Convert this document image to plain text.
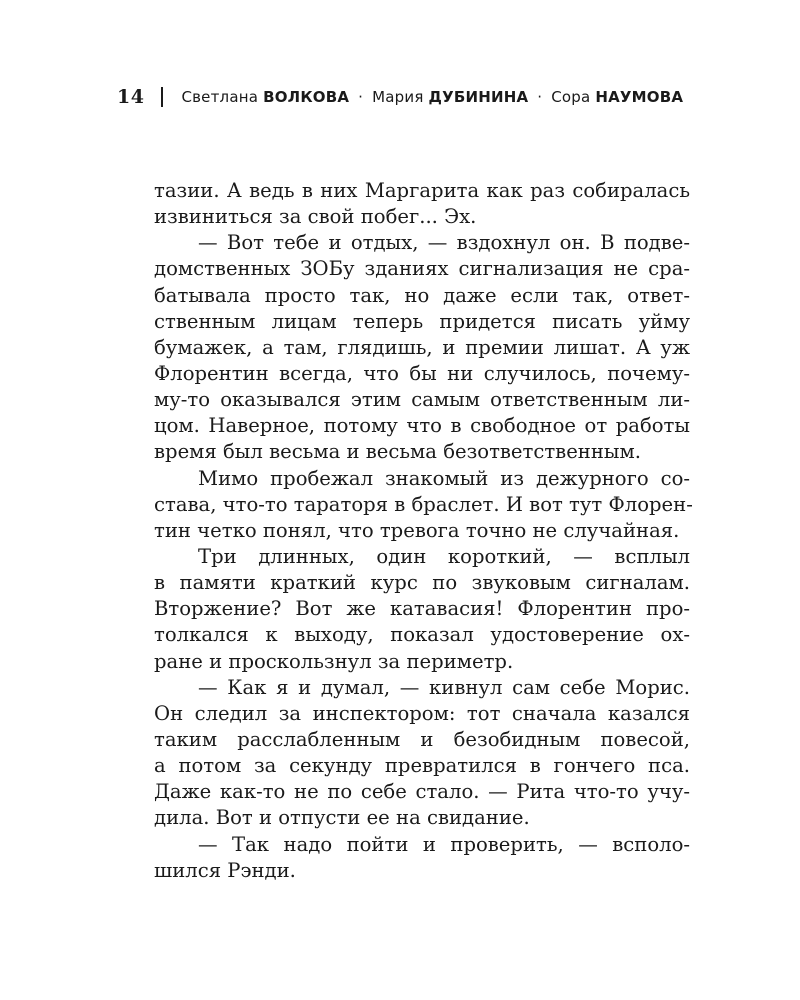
14 Светлана ВОЛКОВА · Мария ДУБИНИНА · Сора НАУМОВА
тазии. А ведь в них Маргарита как раз собиралась
извиниться за свой побег... Эх.
— Вот тебе и отдых, — вздохнул он. В подве-
домственных ЗОБу зданиях сигнализация не сра-
батывала просто так, но даже если так, ответ-
ственным лицам теперь придется писать уйму
бумажек, а там, глядишь, и премии лишат. А уж
Флорентин всегда, что бы ни случилось, почему-
му-то оказывался этим самым ответственным ли-
цом. Наверное, потому что в свободное от работы
время был весьма и весьма безответственным.
Мимо пробежал знакомый из дежурного со-
става, что-то тараторя в браслет. И вот тут Флорен-
тин четко понял, что тревога точно не случайная.
Три длинных, один короткий, — всплыл
в памяти краткий курс по звуковым сигналам.
Вторжение? Вот же катавасия! Флорентин про-
толкался к выходу, показал удостоверение ох-
ране и проскользнул за периметр.
— Как я и думал, — кивнул сам себе Морис.
Он следил за инспектором: тот сначала казался
таким расслабленным и безобидным повесой,
а потом за секунду превратился в гончего пса.
Даже как-то не по себе стало. — Рита что-то учу-
дила. Вот и отпусти ее на свидание.
— Так надо пойти и проверить, — всполо-
шился Рэнди.
